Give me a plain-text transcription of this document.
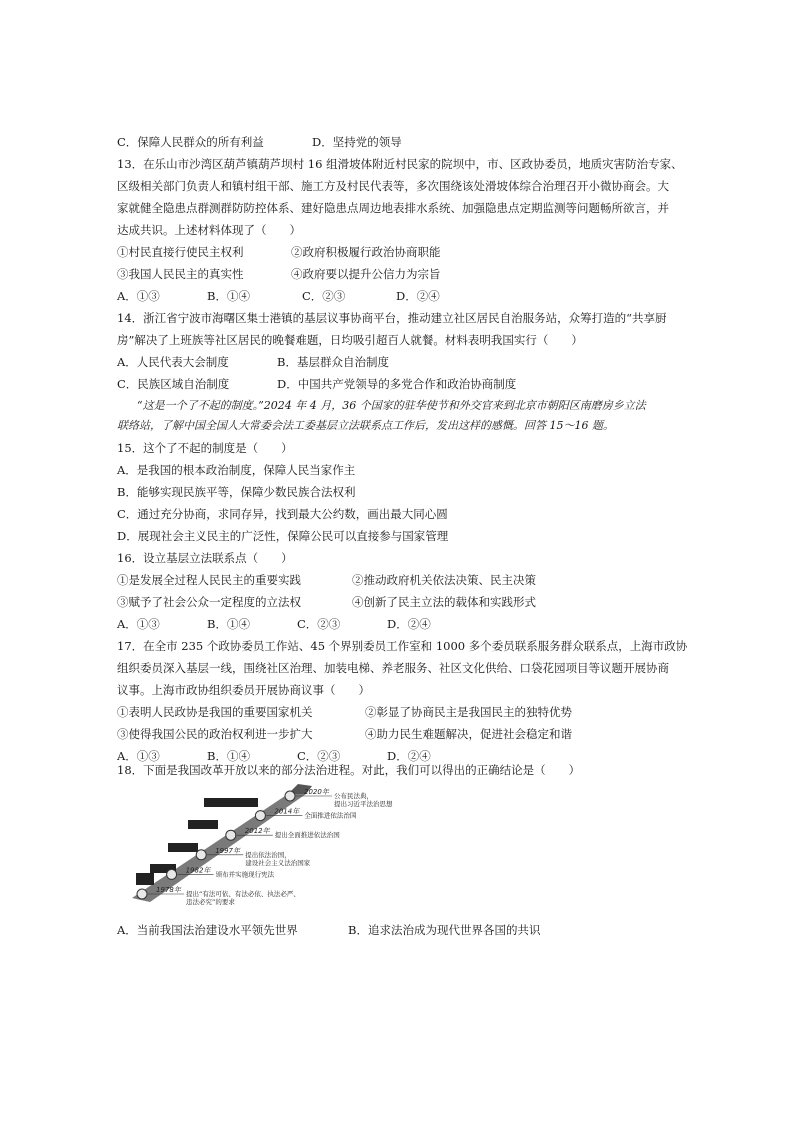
C．保障人民群众的所有利益	D．坚持党的领导
13．在乐山市沙湾区葫芦镇葫芦坝村 16 组滑坡体附近村民家的院坝中，市、区政协委员，地质灾害防治专家、
区级相关部门负责人和镇村组干部、施工方及村民代表等，多次围绕该处滑坡体综合治理召开小微协商会。大
家就健全隐患点群测群防防控体系、建好隐患点周边地表排水系统、加强隐患点定期监测等问题畅所欲言，并
达成共识。上述材料体现了（　　）
①村民直接行使民主权利	②政府积极履行政治协商职能
③我国人民民主的真实性	④政府要以提升公信力为宗旨
A．①③	B．①④	C．②③	D．②④
14．浙江省宁波市海曙区集士港镇的基层议事协商平台，推动建立社区居民自治服务站，众筹打造的“共享厨
房”解决了上班族等社区居民的晚餐难题，日均吸引超百人就餐。材料表明我国实行（　　）
A．人民代表大会制度	B．基层群众自治制度
C．民族区域自治制度	D．中国共产党领导的多党合作和政治协商制度
“这是一个了不起的制度。”2024 年 4 月，36 个国家的驻华使节和外交官来到北京市朝阳区南磨房乡立法
联络站，了解中国全国人大常委会法工委基层立法联系点工作后，发出这样的感慨。回答 15～16 题。
15．这个了不起的制度是（　　）
A．是我国的根本政治制度，保障人民当家作主
B．能够实现民族平等，保障少数民族合法权利
C．通过充分协商，求同存异，找到最大公约数，画出最大同心圆
D．展现社会主义民主的广泛性，保障公民可以直接参与国家管理
16．设立基层立法联系点（　　）
①是发展全过程人民民主的重要实践	②推动政府机关依法决策、民主决策
③赋予了社会公众一定程度的立法权	④创新了民主立法的载体和实践形式
A．①③	B．①④	C．②③	D．②④
17．在全市 235 个政协委员工作站、45 个界别委员工作室和 1000 多个委员联系服务群众联系点，上海市政协
组织委员深入基层一线，围绕社区治理、加装电梯、养老服务、社区文化供给、口袋花园项目等议题开展协商
议事。上海市政协组织委员开展协商议事（　　）
①表明人民政协是我国的重要国家机关	②彰显了协商民主是我国民主的独特优势
③使得我国公民的政治权利进一步扩大	④助力民生难题解决，促进社会稳定和谐
A．①③	B．①④	C．②③	D．②④
18．下面是我国改革开放以来的部分法治进程。对此，我们可以得出的正确结论是（　　）
1978年 提出“有法可依、有法必依、执法必严、
违法必究”的要求
1982年 颁布并实施现行宪法
1997年 提出依法治国，
建设社会主义法治国家
2012年 提出全面推进依法治国
2014年 全面推进依法治国
2020年 公布民法典，
提出习近平法治思想
A．当前我国法治建设水平领先世界	B．追求法治成为现代世界各国的共识
